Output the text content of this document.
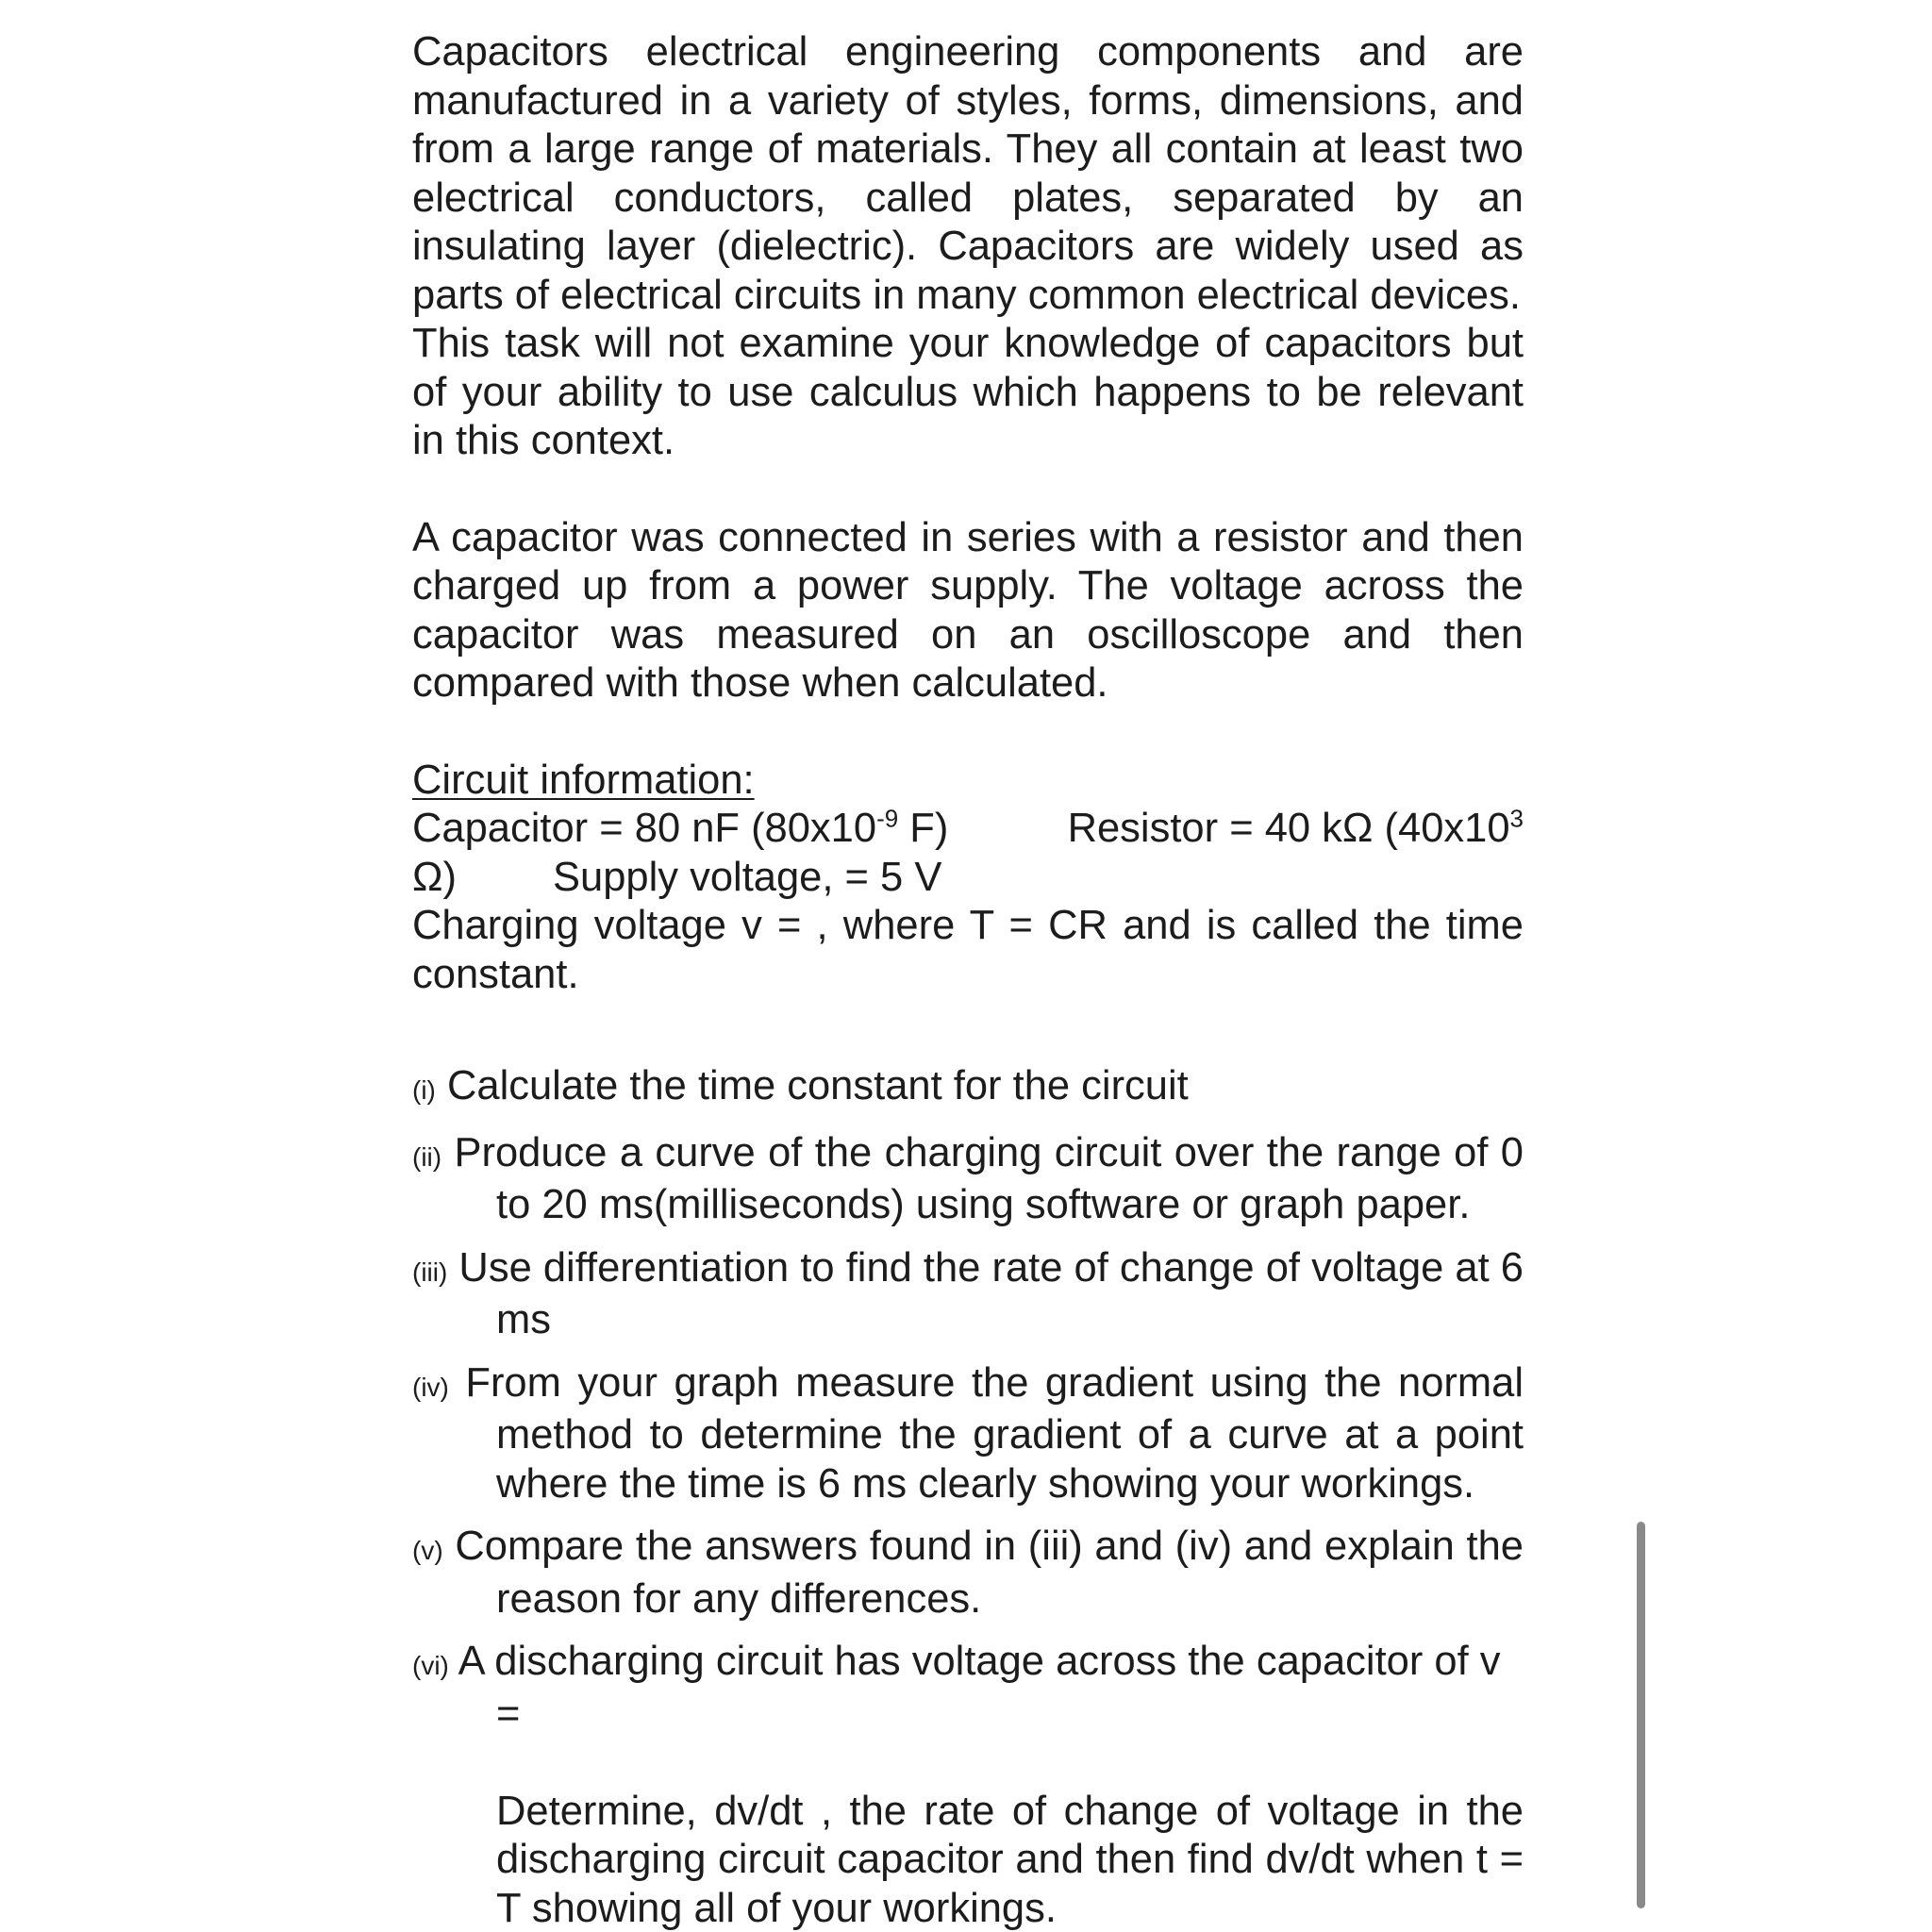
Capacitors electrical engineering components and are manufactured in a variety of styles, forms, dimensions, and from a large range of materials. They all contain at least two electrical conductors, called plates, separated by an insulating layer (dielectric). Capacitors are widely used as parts of electrical circuits in many common electrical devices.

This task will not examine your knowledge of capacitors but of your ability to use calculus which happens to be relevant in this context.

A capacitor was connected in series with a resistor and then charged up from a power supply. The voltage across the capacitor was measured on an oscilloscope and then compared with those when calculated.

Circuit information:
Capacitor = 80 nF ($80x10^{-9}$ F)	Resistor = 40 kΩ ($40x10^3$
Ω) Supply voltage, = 5 V

Charging voltage v = , where T = CR and is called the time constant.

(i) Calculate the time constant for the circuit

(ii) Produce a curve of the charging circuit over the range of 0 to 20 ms(milliseconds) using software or graph paper.

(iii) Use differentiation to find the rate of change of voltage at 6 ms

(iv) From your graph measure the gradient using the normal method to determine the gradient of a curve at a point where the time is 6 ms clearly showing your workings.

(v) Compare the answers found in (iii) and (iv) and explain the reason for any differences.

(vi) A discharging circuit has voltage across the capacitor of v

=

Determine, dv/dt , the rate of change of voltage in the discharging circuit capacitor and then find dv/dt when t = T showing all of your workings.
